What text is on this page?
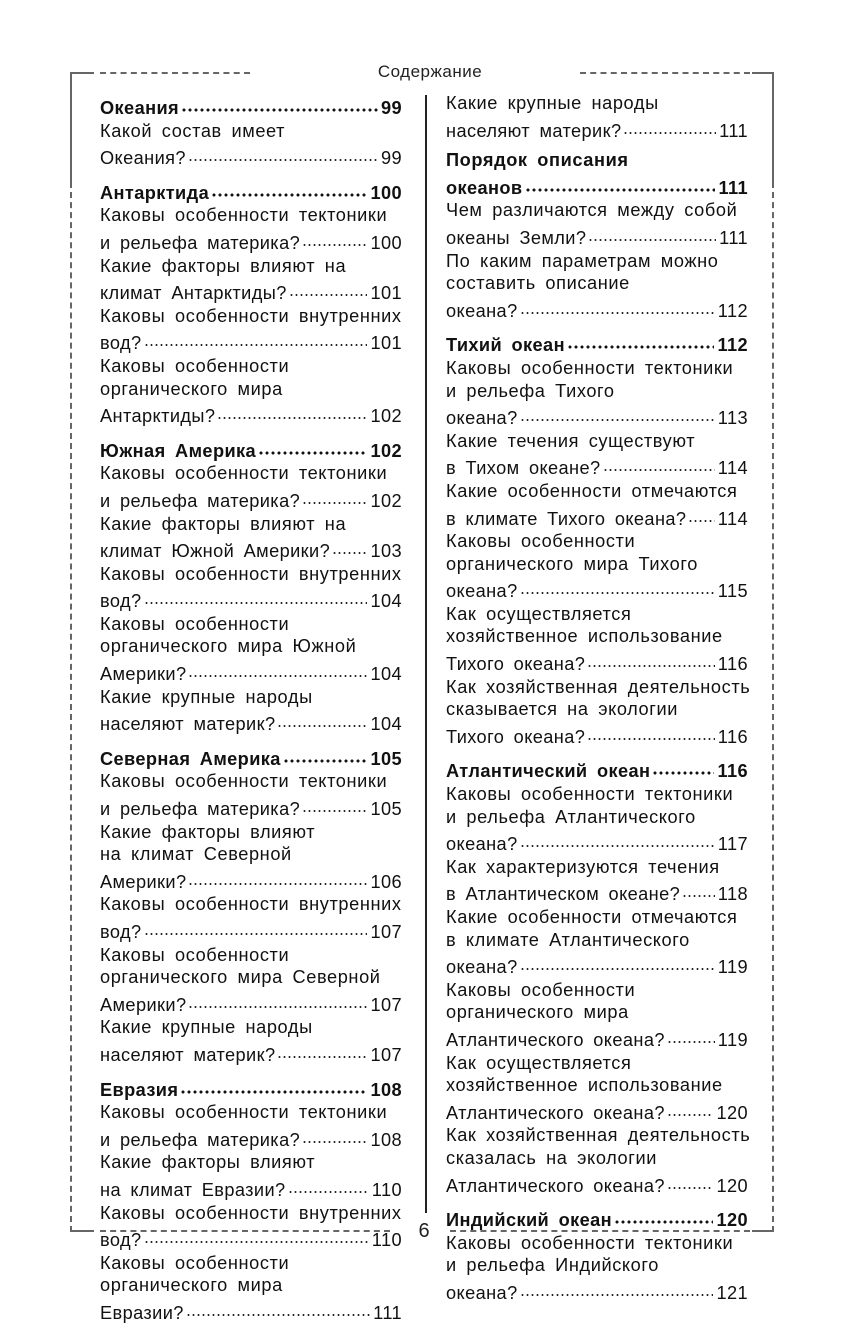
Содержание
Океания	99
Какой состав имеет
Океания?	99
Антарктида	100
Каковы особенности тектоники
и рельефа материка?	100
Какие факторы влияют на
климат Антарктиды?	101
Каковы особенности внутренних
вод?	101
Каковы особенности
органического мира
Антарктиды?	102
Южная Америка	102
Каковы особенности тектоники
и рельефа материка?	102
Какие факторы влияют на
климат Южной Америки? 103
Каковы особенности внутренних
вод?	104
Каковы особенности
органического мира Южной
Америки?	104
Какие крупные народы
населяют материк?	104
Северная Америка	105
Каковы особенности тектоники
и рельефа материка?	105
Какие факторы влияют
на климат Северной
Америки?	106
Каковы особенности внутренних
вод?	107
Каковы особенности
органического мира Северной
Америки?	107
Какие крупные народы
населяют материк?	107
Евразия	108
Каковы особенности тектоники
и рельефа материка?	108
Какие факторы влияют
на климат Евразии?	110
Каковы особенности внутренних
вод?	110
Каковы особенности
органического мира
Евразии?	111
Какие крупные народы
населяют материк?	111
Порядок описания
океанов	111
Чем различаются между собой
океаны Земли?	111
По каким параметрам можно
составить описание
океана?	112
Тихий океан	112
Каковы особенности тектоники
и рельефа Тихого
океана?	113
Какие течения существуют
в Тихом океане?	114
Какие особенности отмечаются
в климате Тихого океана? 114
Каковы особенности
органического мира Тихого
океана?	115
Как осуществляется
хозяйственное использование
Тихого океана?	116
Как хозяйственная деятельность
сказывается на экологии
Тихого океана?	116
Атлантический океан	116
Каковы особенности тектоники
и рельефа Атлантического
океана?	117
Как характеризуются течения
в Атлантическом океане? 118
Какие особенности отмечаются
в климате Атлантического
океана?	119
Каковы особенности
органического мира
Атлантического океана?	119
Как осуществляется
хозяйственное использование
Атлантического океана?	120
Как хозяйственная деятельность
сказалась на экологии
Атлантического океана?	120
Индийский океан	120
Каковы особенности тектоники
и рельефа Индийского
океана?	121
6
